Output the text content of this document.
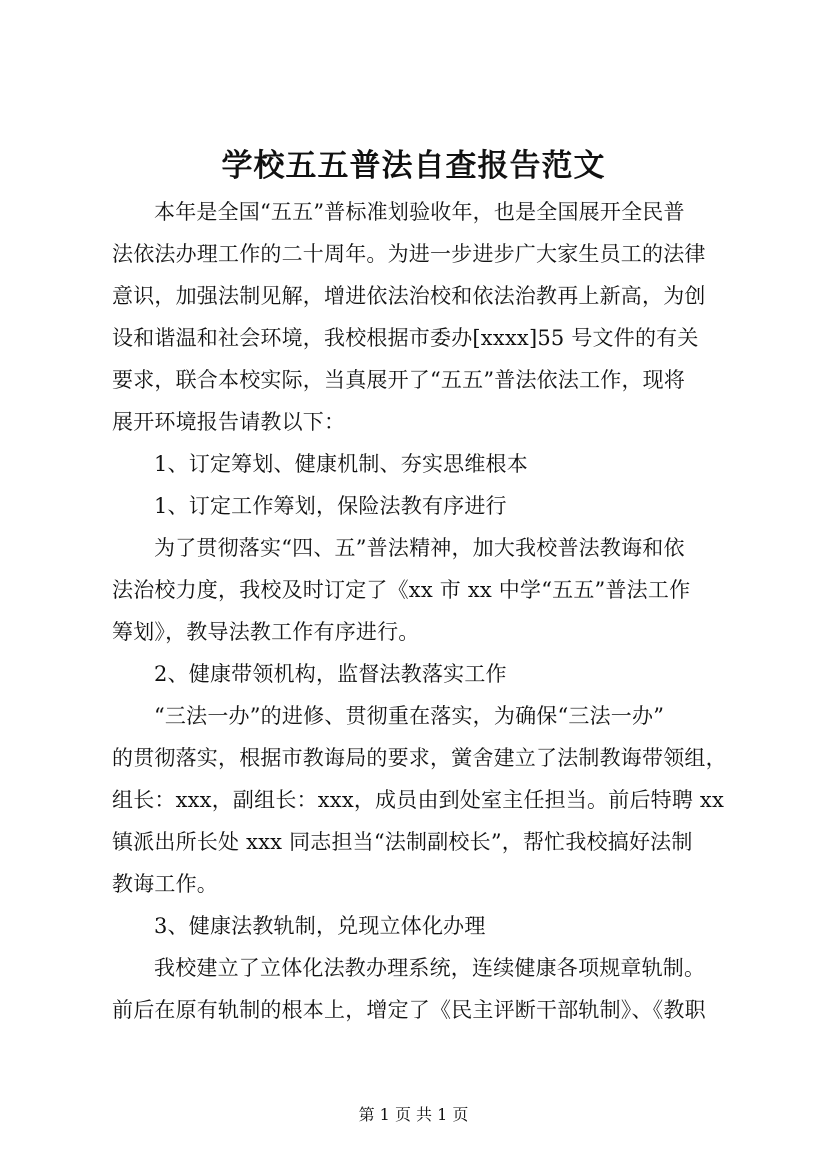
学校五五普法自查报告范文
本年是全国“五五”普标准划验收年，也是全国展开全民普
法依法办理工作的二十周年。为进一步进步广大家生员工的法律
意识，加强法制见解，增进依法治校和依法治教再上新高，为创
设和谐温和社会环境，我校根据市委办[xxxx]55 号文件的有关
要求，联合本校实际，当真展开了“五五”普法依法工作，现将
展开环境报告请教以下：
1、订定筹划、健康机制、夯实思维根本
1、订定工作筹划，保险法教有序进行
为了贯彻落实“四、五”普法精神，加大我校普法教诲和依
法治校力度，我校及时订定了《xx 市 xx 中学“五五”普法工作
筹划》，教导法教工作有序进行。
2、健康带领机构，监督法教落实工作
“三法一办”的进修、贯彻重在落实，为确保“三法一办”
的贯彻落实，根据市教诲局的要求，黉舍建立了法制教诲带领组，
组长：xxx，副组长：xxx，成员由到处室主任担当。前后特聘 xx
镇派出所长处 xxx 同志担当“法制副校长”，帮忙我校搞好法制
教诲工作。
3、健康法教轨制，兑现立体化办理
我校建立了立体化法教办理系统，连续健康各项规章轨制。
前后在原有轨制的根本上，增定了《民主评断干部轨制》、《教职
第 1 页 共 1 页
